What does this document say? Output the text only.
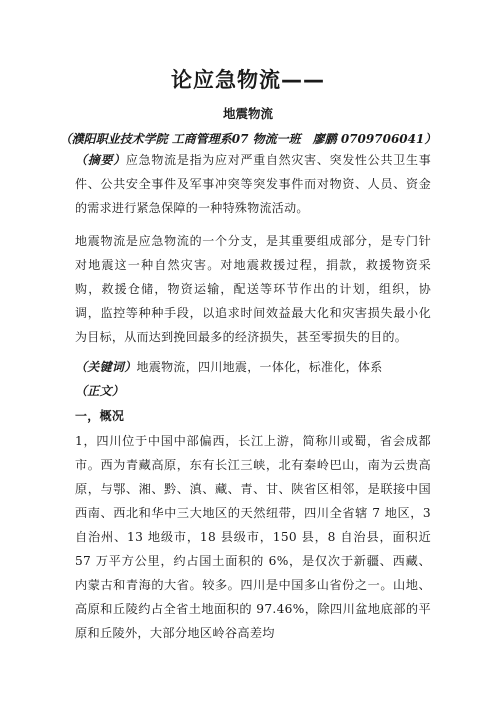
论应急物流——
地震物流
（濮阳职业技术学院 工商管理系07 物流一班　廖鹏 0709706041）
（摘要）应急物流是指为应对严重自然灾害、突发性公共卫生事件、公共安全事件及军事冲突等突发事件而对物资、人员、资金的需求进行紧急保障的一种特殊物流活动。
地震物流是应急物流的一个分支，是其重要组成部分，是专门针对地震这一种自然灾害。对地震救援过程，捐款，救援物资采购，救援仓储，物资运输，配送等环节作出的计划，组织，协调，监控等种种手段，以追求时间效益最大化和灾害损失最小化为目标，从而达到挽回最多的经济损失，甚至零损失的目的。
（关键词）地震物流，四川地震，一体化，标准化，体系
（正文）
一，概况
1，四川位于中国中部偏西，长江上游，简称川或蜀，省会成都市。西为青藏高原，东有长江三峡，北有秦岭巴山，南为云贵高原，与鄂、湘、黔、滇、藏、青、甘、陕省区相邻，是联接中国西南、西北和华中三大地区的天然纽带，四川全省辖 7 地区，3 自治州、13 地级市，18 县级市，150 县，8 自治县，面积近 57 万平方公里，约占国土面积的 6%，是仅次于新疆、西藏、内蒙古和青海的大省。较多。四川是中国多山省份之一。山地、高原和丘陵约占全省土地面积的 97.46%，除四川盆地底部的平原和丘陵外，大部分地区岭谷高差均
